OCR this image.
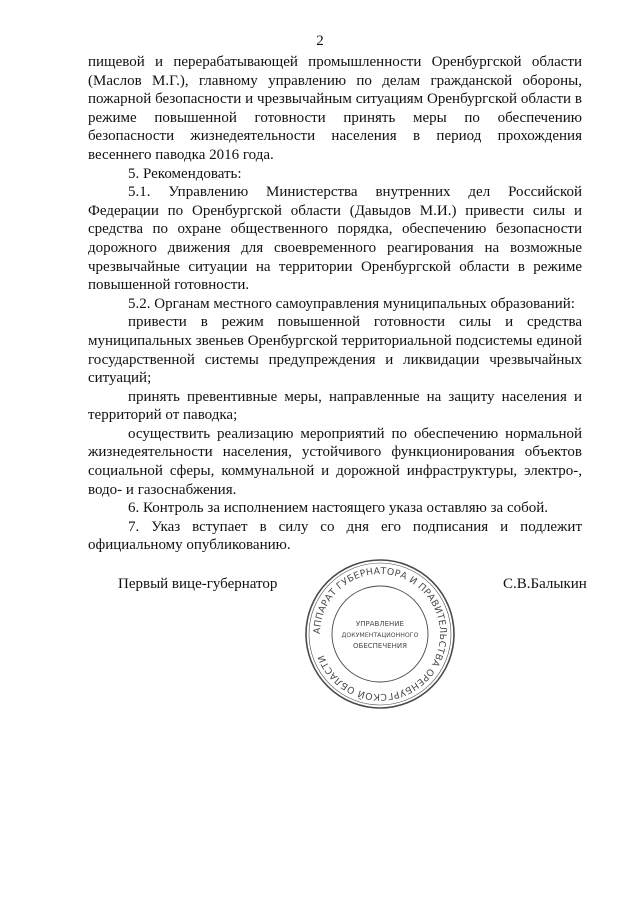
2

пищевой и перерабатывающей промышленности Оренбургской области (Маслов М.Г.), главному управлению по делам гражданской обороны, пожарной безопасности и чрезвычайным ситуациям Оренбургской области в режиме повышенной готовности принять меры по обеспечению безопасности жизнедеятельности населения в период прохождения весеннего паводка 2016 года.

5. Рекомендовать:

5.1. Управлению Министерства внутренних дел Российской Федерации по Оренбургской области (Давыдов М.И.) привести силы и средства по охране общественного порядка, обеспечению безопасности дорожного движения для своевременного реагирования на возможные чрезвычайные ситуации на территории Оренбургской области в режиме повышенной готовности.

5.2. Органам местного самоуправления муниципальных образований:

привести в режим повышенной готовности силы и средства муниципальных звеньев Оренбургской территориальной подсистемы единой государственной системы предупреждения и ликвидации чрезвычайных ситуаций;

принять превентивные меры, направленные на защиту населения и территорий от паводка;

осуществить реализацию мероприятий по обеспечению нормальной жизнедеятельности населения, устойчивого функционирования объектов социальной сферы, коммунальной и дорожной инфраструктуры, электро-, водо- и газоснабжения.

6. Контроль за исполнением настоящего указа оставляю за собой.

7. Указ вступает в силу со дня его подписания и подлежит официальному опубликованию.

Первый вице-губернатор
АППАРАТ ГУБЕРНАТОРА И ПРАВИТЕЛЬСТВА ОРЕНБУРГСКОЙ ОБЛАСТИ
УПРАВЛЕНИЕ
ДОКУМЕНТАЦИОННОГО
ОБЕСПЕЧЕНИЯ
С.В.Балыкин
